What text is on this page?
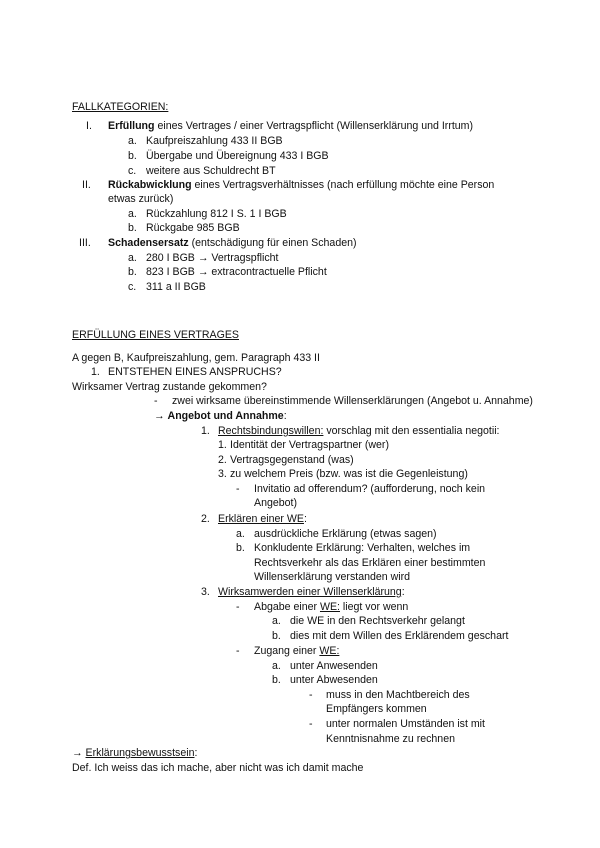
FALLKATEGORIEN:
I. Erfüllung eines Vertrages / einer Vertragspflicht (Willenserklärung und Irrtum)
a. Kaufpreiszahlung 433 II BGB
b. Übergabe und Übereignung 433 I BGB
c. weitere aus Schuldrecht BT
II. Rückabwicklung eines Vertragsverhältnisses (nach erfüllung möchte eine Person
etwas zurück)
a. Rückzahlung 812 I S. 1 I BGB
b. Rückgabe 985 BGB
III. Schadensersatz (entschädigung für einen Schaden)
a. 280 I BGB → Vertragspflicht
b. 823 I BGB → extracontractuelle Pflicht
c. 311 a II BGB
ERFÜLLUNG EINES VERTRAGES
A gegen B, Kaufpreiszahlung, gem. Paragraph 433 II
1. ENTSTEHEN EINES ANSPRUCHS?
Wirksamer Vertrag zustande gekommen?
- zwei wirksame übereinstimmende Willenserklärungen (Angebot u. Annahme)
→ Angebot und Annahme:
1. Rechtsbindungswillen: vorschlag mit den essentialia negotii:
1. Identität der Vertragspartner (wer)
2. Vertragsgegenstand (was)
3. zu welchem Preis (bzw. was ist die Gegenleistung)
- Invitatio ad offerendum? (aufforderung, noch kein
Angebot)
2. Erklären einer WE:
a. ausdrückliche Erklärung (etwas sagen)
b. Konkludente Erklärung: Verhalten, welches im
Rechtsverkehr als das Erklären einer bestimmten
Willenserklärung verstanden wird
3. Wirksamwerden einer Willenserklärung:
- Abgabe einer WE: liegt vor wenn
a. die WE in den Rechtsverkehr gelangt
b. dies mit dem Willen des Erklärendem geschart
- Zugang einer WE:
a. unter Anwesenden
b. unter Abwesenden
- muss in den Machtbereich des
Empfängers kommen
- unter normalen Umständen ist mit
Kenntnisnahme zu rechnen
→ Erklärungsbewusstsein:
Def. Ich weiss das ich mache, aber nicht was ich damit mache
